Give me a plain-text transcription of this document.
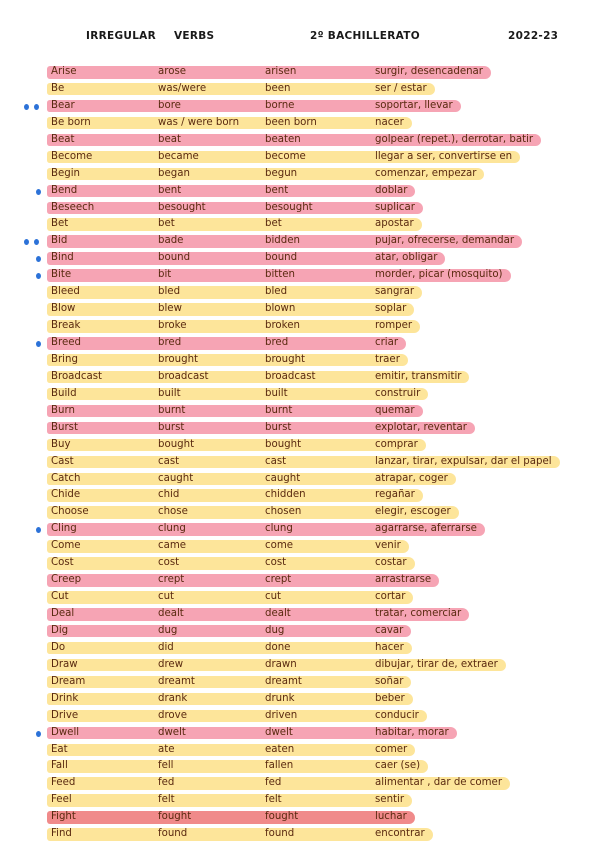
IRREGULAR VERBS	2º BACHILLERATO	2022-23
Arise	arose	arisen	surgir, desencadenar
Be	was/were	been	ser / estar
Bear	bore	borne	soportar, llevar
Be born	was / were born	been born	nacer
Beat	beat	beaten	golpear (repet.), derrotar, batir
Become	became	become	llegar a ser, convertirse en
Begin	began	begun	comenzar, empezar
Bend	bent	bent	doblar
Beseech	besought	besought	suplicar
Bet	bet	bet	apostar
Bid	bade	bidden	pujar, ofrecerse, demandar
Bind	bound	bound	atar, obligar
Bite	bit	bitten	morder, picar (mosquito)
Bleed	bled	bled	sangrar
Blow	blew	blown	soplar
Break	broke	broken	romper
Breed	bred	bred	criar
Bring	brought	brought	traer
Broadcast	broadcast	broadcast	emitir, transmitir
Build	built	built	construir
Burn	burnt	burnt	quemar
Burst	burst	burst	explotar, reventar
Buy	bought	bought	comprar
Cast	cast	cast	lanzar, tirar, expulsar, dar el papel
Catch	caught	caught	atrapar, coger
Chide	chid	chidden	regañar
Choose	chose	chosen	elegir, escoger
Cling	clung	clung	agarrarse, aferrarse
Come	came	come	venir
Cost	cost	cost	costar
Creep	crept	crept	arrastrarse
Cut	cut	cut	cortar
Deal	dealt	dealt	tratar, comerciar
Dig	dug	dug	cavar
Do	did	done	hacer
Draw	drew	drawn	dibujar, tirar de, extraer
Dream	dreamt	dreamt	soñar
Drink	drank	drunk	beber
Drive	drove	driven	conducir
Dwell	dwelt	dwelt	habitar, morar
Eat	ate	eaten	comer
Fall	fell	fallen	caer (se)
Feed	fed	fed	alimentar , dar de comer
Feel	felt	felt	sentir
Fight	fought	fought	luchar
Find	found	found	encontrar
